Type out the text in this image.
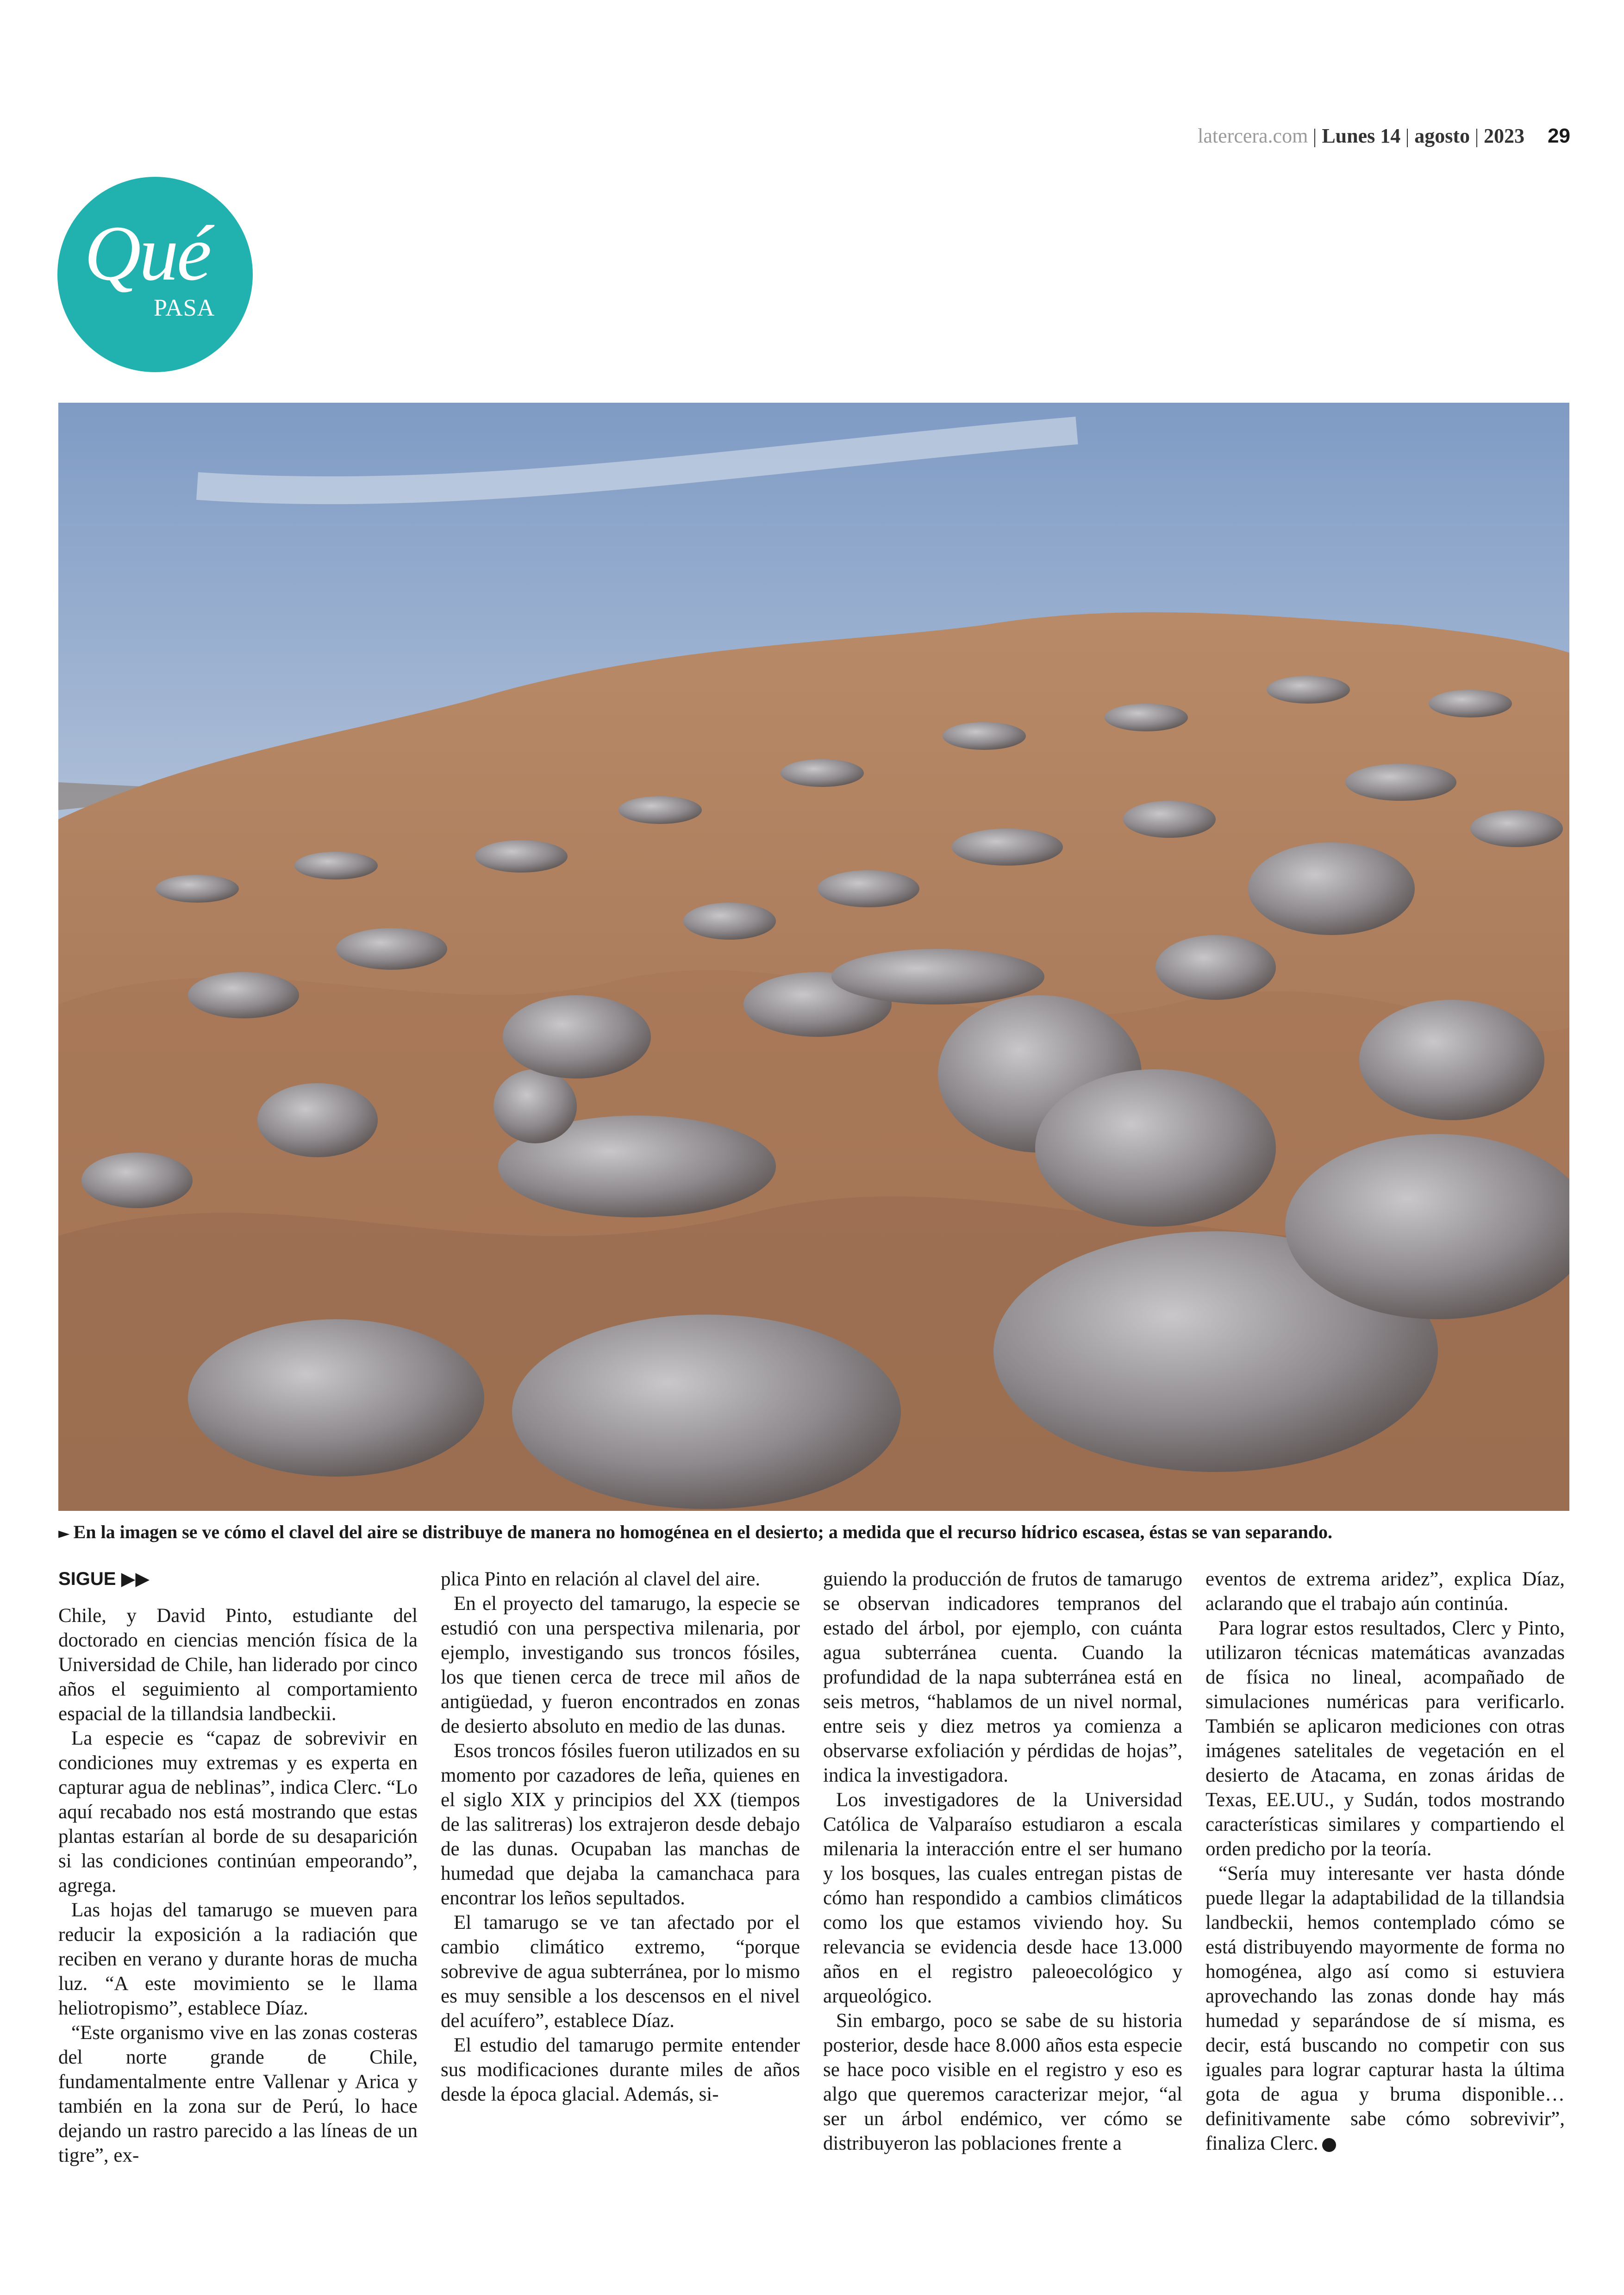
latercera.com Lunes 14 agosto 2023 29
Qué
PASA
► En la imagen se ve cómo el clavel del aire se distribuye de manera no homogénea en el desierto; a medida que el recurso hídrico escasea, éstas se van separando.
SIGUE ▶▶

Chile, y David Pinto, estudiante del doctorado en ciencias mención física de la Universidad de Chile, han liderado por cinco años el seguimiento al comportamiento espacial de la tillandsia landbeckii.

La especie es “capaz de sobrevivir en condiciones muy extremas y es experta en capturar agua de neblinas”, indica Clerc. “Lo aquí recabado nos está mostrando que estas plantas estarían al borde de su desaparición si las condiciones continúan empeorando”, agrega.

Las hojas del tamarugo se mueven para reducir la exposición a la radiación que reciben en verano y durante horas de mucha luz. “A este movimiento se le llama heliotropismo”, establece Díaz.

“Este organismo vive en las zonas costeras del norte grande de Chile, fundamentalmente entre Vallenar y Arica y también en la zona sur de Perú, lo hace dejando un rastro parecido a las líneas de un tigre”, ex-

plica Pinto en relación al clavel del aire.

En el proyecto del tamarugo, la especie se estudió con una perspectiva milenaria, por ejemplo, investigando sus troncos fósiles, los que tienen cerca de trece mil años de antigüedad, y fueron encontrados en zonas de desierto absoluto en medio de las dunas.

Esos troncos fósiles fueron utilizados en su momento por cazadores de leña, quienes en el siglo XIX y principios del XX (tiempos de las salitreras) los extrajeron desde debajo de las dunas. Ocupaban las manchas de humedad que dejaba la camanchaca para encontrar los leños sepultados.

El tamarugo se ve tan afectado por el cambio climático extremo, “porque sobrevive de agua subterránea, por lo mismo es muy sensible a los descensos en el nivel del acuífero”, establece Díaz.

El estudio del tamarugo permite entender sus modificaciones durante miles de años desde la época glacial. Además, si-

guiendo la producción de frutos de tamarugo se observan indicadores tempranos del estado del árbol, por ejemplo, con cuánta agua subterránea cuenta. Cuando la profundidad de la napa subterránea está en seis metros, “hablamos de un nivel normal, entre seis y diez metros ya comienza a observarse exfoliación y pérdidas de hojas”, indica la investigadora.

Los investigadores de la Universidad Católica de Valparaíso estudiaron a escala milenaria la interacción entre el ser humano y los bosques, las cuales entregan pistas de cómo han respondido a cambios climáticos como los que estamos viviendo hoy. Su relevancia se evidencia desde hace 13.000 años en el registro paleoecológico y arqueológico.

Sin embargo, poco se sabe de su historia posterior, desde hace 8.000 años esta especie se hace poco visible en el registro y eso es algo que queremos caracterizar mejor, “al ser un árbol endémico, ver cómo se distribuyeron las poblaciones frente a

eventos de extrema aridez”, explica Díaz, aclarando que el trabajo aún continúa.

Para lograr estos resultados, Clerc y Pinto, utilizaron técnicas matemáticas avanzadas de física no lineal, acompañado de simulaciones numéricas para verificarlo. También se aplicaron mediciones con otras imágenes satelitales de vegetación en el desierto de Atacama, en zonas áridas de Texas, EE.UU., y Sudán, todos mostrando características similares y compartiendo el orden predicho por la teoría.

“Sería muy interesante ver hasta dónde puede llegar la adaptabilidad de la tillandsia landbeckii, hemos contemplado cómo se está distribuyendo mayormente de forma no homogénea, algo así como si estuviera aprovechando las zonas donde hay más humedad y separándose de sí misma, es decir, está buscando no competir con sus iguales para lograr capturar hasta la última gota de agua y bruma disponible… definitivamente sabe cómo sobrevivir”, finaliza Clerc.
